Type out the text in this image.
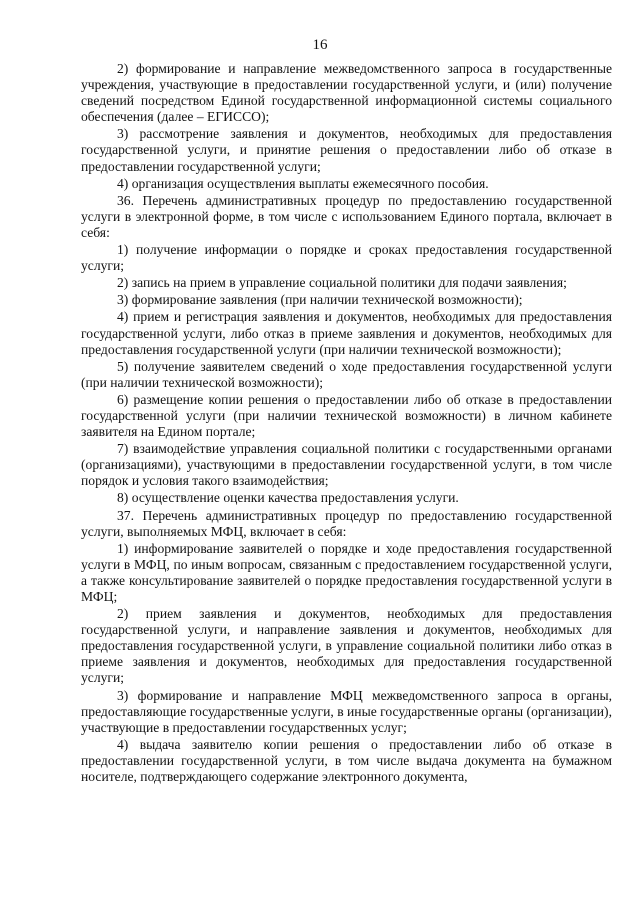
16

2) формирование и направление межведомственного запроса в государственные учреждения, участвующие в предоставлении государственной услуги, и (или) получение сведений посредством Единой государственной информационной системы социального обеспечения (далее – ЕГИССО);

3) рассмотрение заявления и документов, необходимых для предоставления государственной услуги, и принятие решения о предоставлении либо об отказе в предоставлении государственной услуги;

4) организация осуществления выплаты ежемесячного пособия.

36. Перечень административных процедур по предоставлению государственной услуги в электронной форме, в том числе с использованием Единого портала, включает в себя:

1) получение информации о порядке и сроках предоставления государственной услуги;

2) запись на прием в управление социальной политики для подачи заявления;

3) формирование заявления (при наличии технической возможности);

4) прием и регистрация заявления и документов, необходимых для предоставления государственной услуги, либо отказ в приеме заявления и документов, необходимых для предоставления государственной услуги (при наличии технической возможности);

5) получение заявителем сведений о ходе предоставления государственной услуги (при наличии технической возможности);

6) размещение копии решения о предоставлении либо об отказе в предоставлении государственной услуги (при наличии технической возможности) в личном кабинете заявителя на Едином портале;

7) взаимодействие управления социальной политики с государственными органами (организациями), участвующими в предоставлении государственной услуги, в том числе порядок и условия такого взаимодействия;

8) осуществление оценки качества предоставления услуги.

37. Перечень административных процедур по предоставлению государственной услуги, выполняемых МФЦ, включает в себя:

1) информирование заявителей о порядке и ходе предоставления государственной услуги в МФЦ, по иным вопросам, связанным с предоставлением государственной услуги, а также консультирование заявителей о порядке предоставления государственной услуги в МФЦ;

2) прием заявления и документов, необходимых для предоставления государственной услуги, и направление заявления и документов, необходимых для предоставления государственной услуги, в управление социальной политики либо отказ в приеме заявления и документов, необходимых для предоставления государственной услуги;

3) формирование и направление МФЦ межведомственного запроса в органы, предоставляющие государственные услуги, в иные государственные органы (организации), участвующие в предоставлении государственных услуг;

4) выдача заявителю копии решения о предоставлении либо об отказе в предоставлении государственной услуги, в том числе выдача документа на бумажном носителе, подтверждающего содержание электронного документа,
